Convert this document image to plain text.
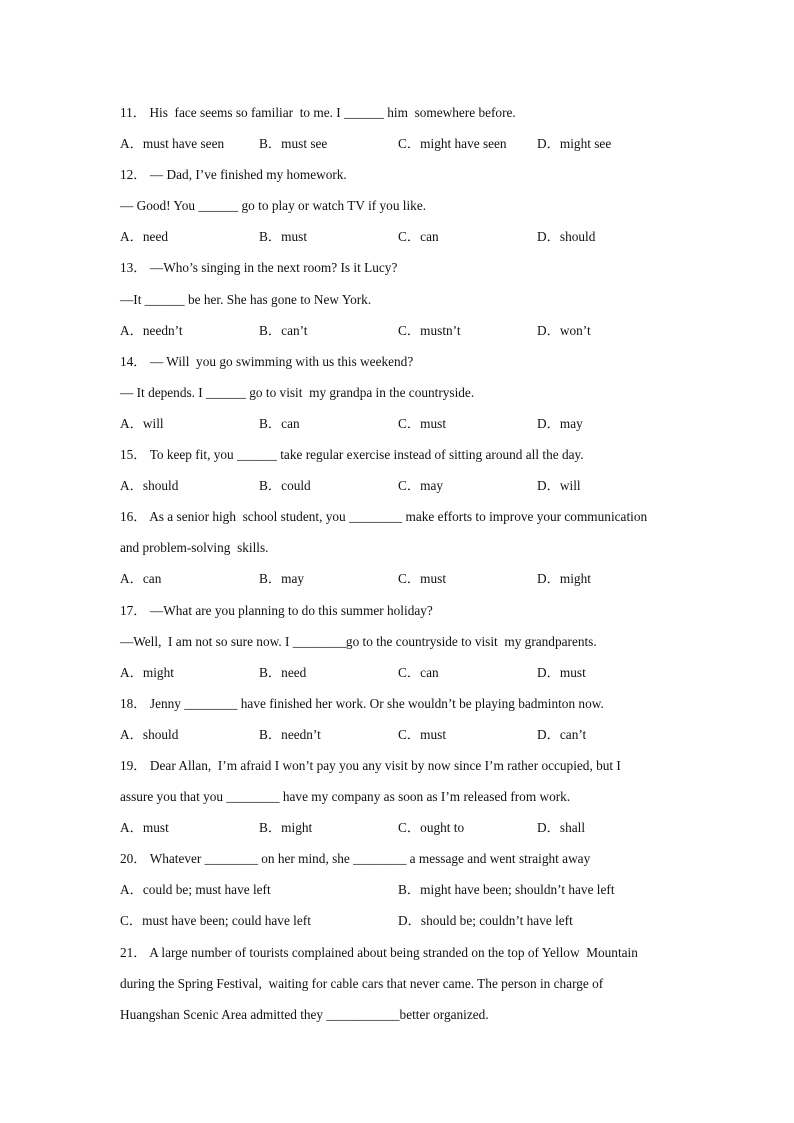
11． His  face seems so familiar  to me. I ______ him  somewhere before.
A．must have seen	B．must see	C．might have seen	D．might see
12． — Dad, I’ve finished my homework.
— Good! You ______ go to play or watch TV if you like.
A．need	B．must	C．can	D．should
13． —Who’s singing in the next room? Is it Lucy?
—It ______ be her. She has gone to New York.
A．needn’t	B．can’t	C．mustn’t	D．won’t
14． — Will  you go swimming with us this weekend?
— It depends. I ______ go to visit  my grandpa in the countryside.
A．will	B．can	C．must	D．may
15． To keep fit, you ______ take regular exercise instead of sitting around all the day.
A．should	B．could	C．may	D．will
16． As a senior high  school student, you ________ make efforts to improve your communication
and problem-solving  skills.
A．can	B．may	C．must	D．might
17． —What are you planning to do this summer holiday?
—Well,  I am not so sure now. I ________go to the countryside to visit  my grandparents.
A．might	B．need	C．can	D．must
18． Jenny ________ have finished her work. Or she wouldn’t be playing badminton now.
A．should	B．needn’t	C．must	D．can’t
19． Dear Allan,  I’m afraid I won’t pay you any visit by now since I’m rather occupied, but I
assure you that you ________ have my company as soon as I’m released from work.
A．must	B．might	C．ought to	D．shall
20． Whatever ________ on her mind, she ________ a message and went straight away
A．could be; must have left	B．might have been; shouldn’t have left
C．must have been; could have left	D．should be; couldn’t have left
21． A large number of tourists complained about being stranded on the top of Yellow  Mountain
during the Spring Festival,  waiting for cable cars that never came. The person in charge of
Huangshan Scenic Area admitted they ___________better organized.
